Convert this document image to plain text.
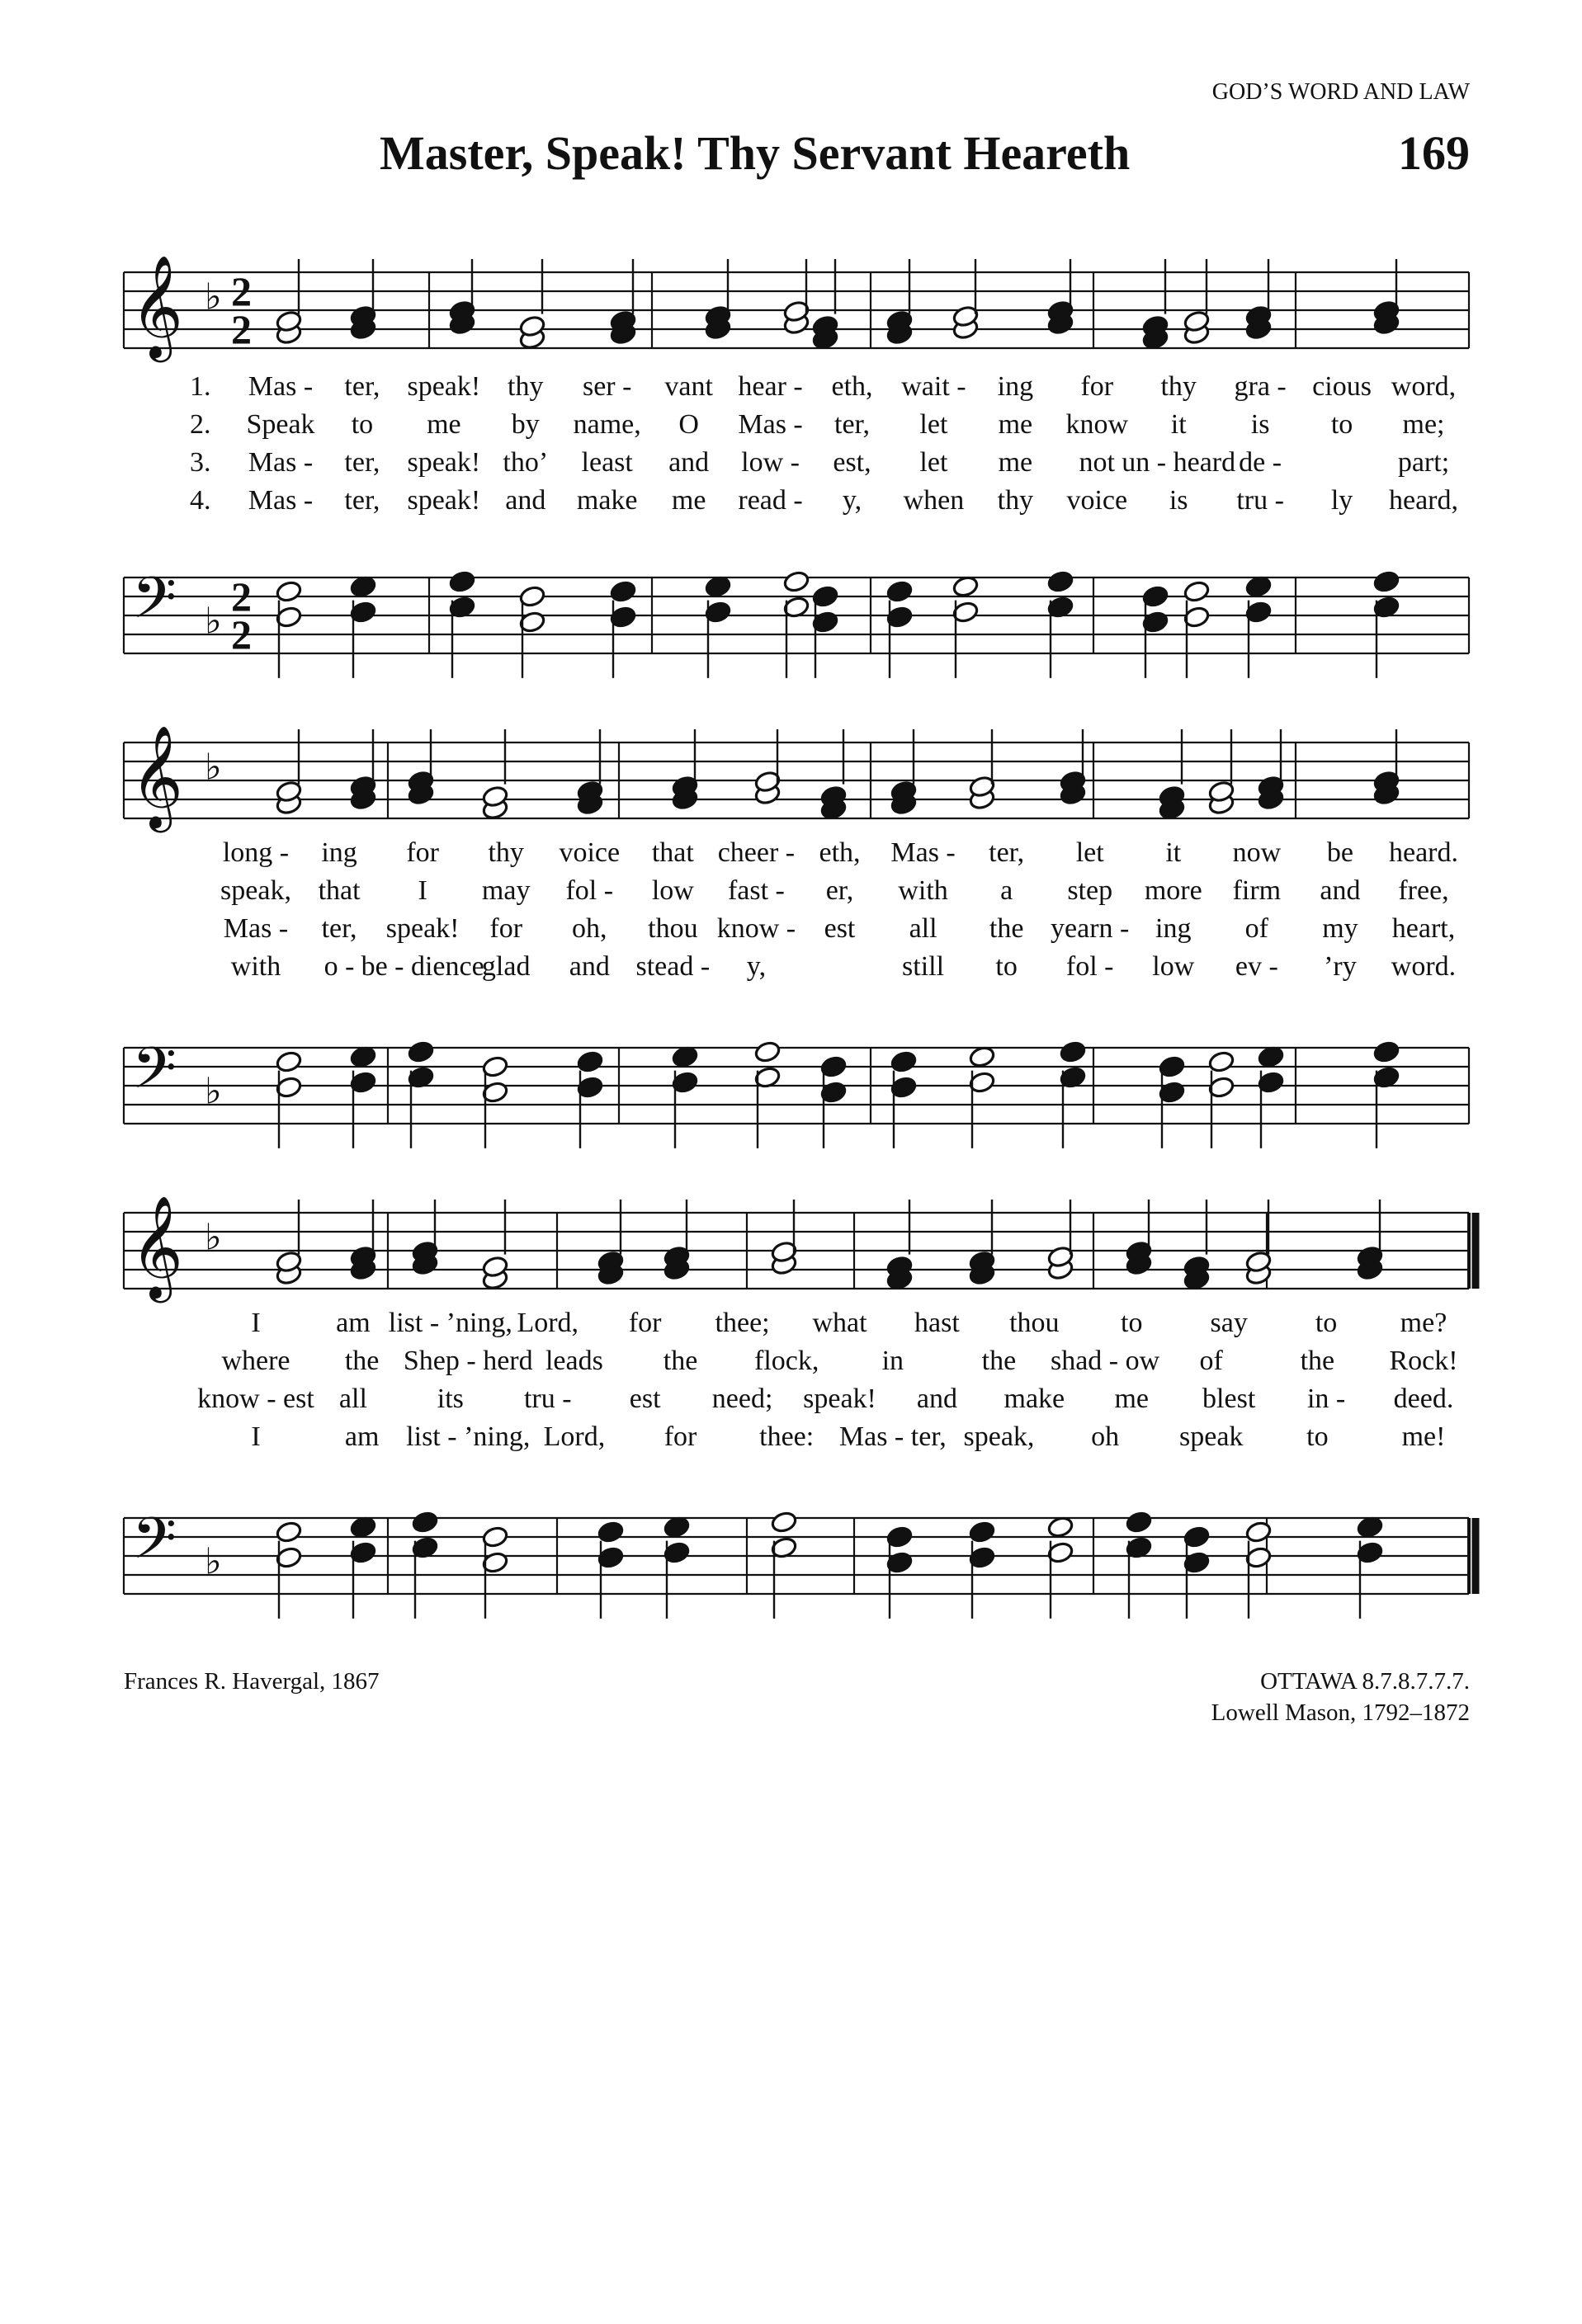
GOD’S WORD AND LAW
Master, Speak! Thy Servant Heareth	169
𝄞 ♭ 2
2
𝄢 ♭
2
2
1. Mas - ter, speak! thy ser - vant hear - eth, wait - ing for thy gra - cious word,
2. Speak to me by name, O Mas - ter, let me know it is to me;
3. Mas - ter, speak! tho’ least and low - est, let me not un - heard de -	part;
4. Mas - ter, speak! and make me read - y, when thy voice is tru - ly heard,
𝄞 ♭
𝄢 ♭
long - ing for thy voice that cheer - eth, Mas - ter, let it now be heard.
speak, that I may fol - low fast - er, with a step more firm and free,
Mas - ter, speak! for oh, thou know - est all the yearn - ing of my heart,
with o - be - dience
glad and stead - y,	still to fol - low ev - ’ry word.
𝄞 ♭
𝄢 ♭
I	am list - ’ning, Lord, for thee; what hast thou to say to me?
where the Shep - herd leads the flock, in	the shad - ow of	the Rock!
know - est all its tru - est need; speak! and make me blest in - deed.
I	am list - ’ning, Lord, for thee: Mas - ter, speak, oh speak to	me!
Frances R. Havergal, 1867	OTTAWA 8.7.8.7.7.7.
Lowell Mason, 1792–1872
